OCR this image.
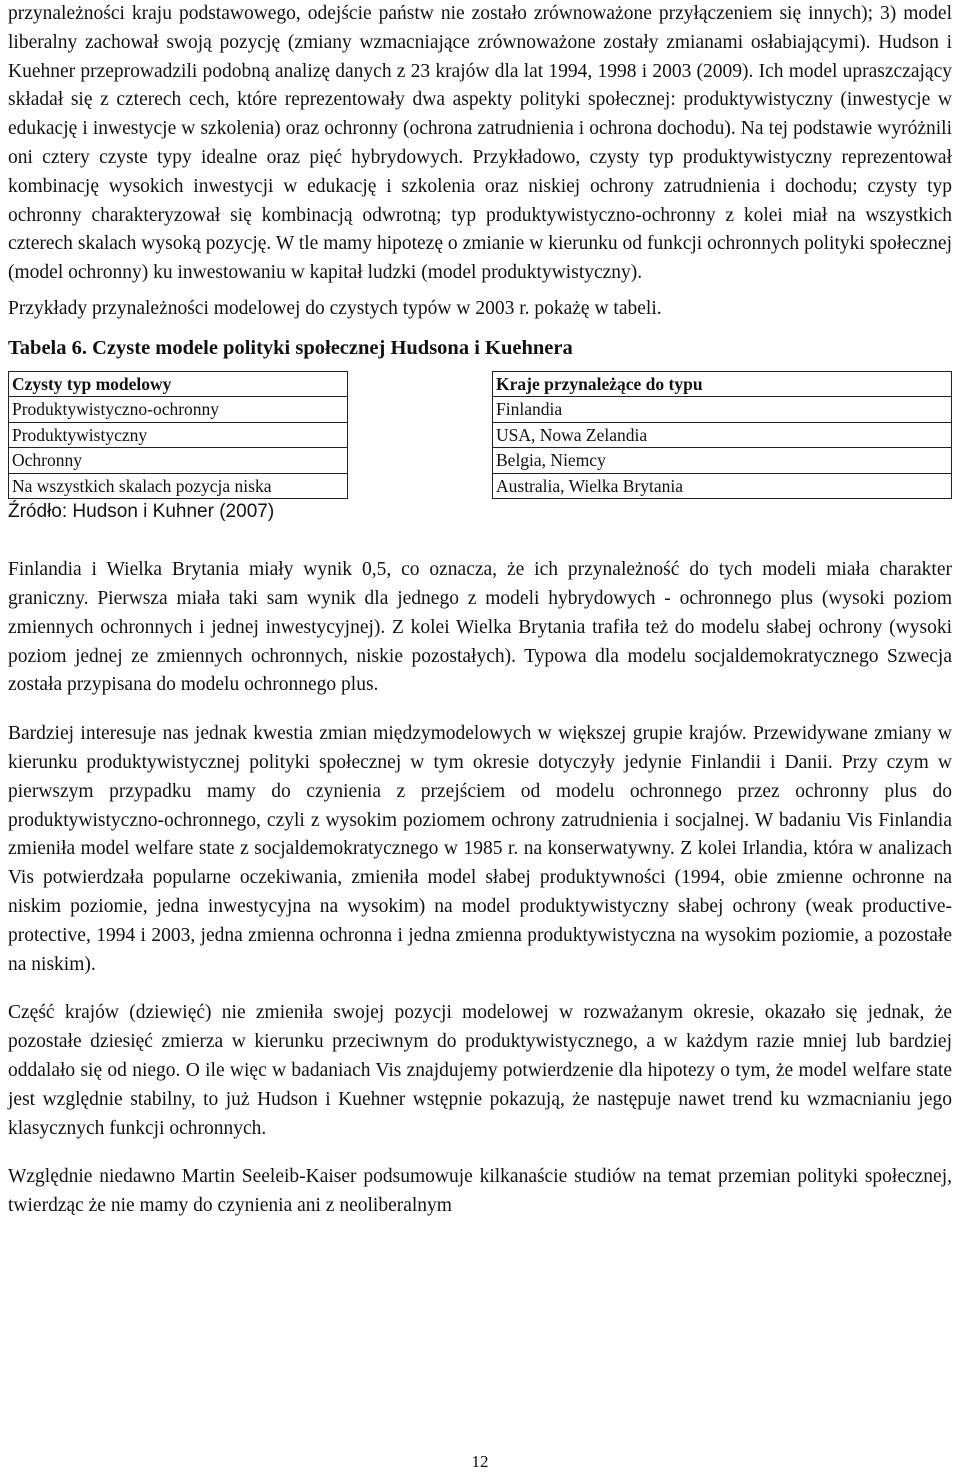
przynależności kraju podstawowego, odejście państw nie zostało zrównoważone przyłączeniem się innych); 3) model liberalny zachował swoją pozycję (zmiany wzmacniające zrównoważone zostały zmianami osłabiającymi). Hudson i Kuehner przeprowadzili podobną analizę danych z 23 krajów dla lat 1994, 1998 i 2003 (2009). Ich model upraszczający składał się z czterech cech, które reprezentowały dwa aspekty polityki społecznej: produktywistyczny (inwestycje w edukację i inwestycje w szkolenia) oraz ochronny (ochrona zatrudnienia i ochrona dochodu). Na tej podstawie wyróżnili oni cztery czyste typy idealne oraz pięć hybrydowych. Przykładowo, czysty typ produktywistyczny reprezentował kombinację wysokich inwestycji w edukację i szkolenia oraz niskiej ochrony zatrudnienia i dochodu; czysty typ ochronny charakteryzował się kombinacją odwrotną; typ produktywistyczno-ochronny z kolei miał na wszystkich czterech skalach wysoką pozycję. W tle mamy hipotezę o zmianie w kierunku od funkcji ochronnych polityki społecznej (model ochronny) ku inwestowaniu w kapitał ludzki (model produktywistyczny).

Przykłady przynależności modelowej do czystych typów w 2003 r. pokażę w tabeli.

Tabela 6. Czyste modele polityki społecznej Hudsona i Kuehnera
Czysty typ modelowy		Kraje przynależące do typu
Produktywistyczno-ochronny		Finlandia
Produktywistyczny		USA, Nowa Zelandia
Ochronny		Belgia, Niemcy
Na wszystkich skalach pozycja niska		Australia, Wielka Brytania
Źródło: Hudson i Kuhner (2007)

Finlandia i Wielka Brytania miały wynik 0,5, co oznacza, że ich przynależność do tych modeli miała charakter graniczny. Pierwsza miała taki sam wynik dla jednego z modeli hybrydowych - ochronnego plus (wysoki poziom zmiennych ochronnych i jednej inwestycyjnej). Z kolei Wielka Brytania trafiła też do modelu słabej ochrony (wysoki poziom jednej ze zmiennych ochronnych, niskie pozostałych). Typowa dla modelu socjaldemokratycznego Szwecja została przypisana do modelu ochronnego plus.

Bardziej interesuje nas jednak kwestia zmian międzymodelowych w większej grupie krajów. Przewidywane zmiany w kierunku produktywistycznej polityki społecznej w tym okresie dotyczyły jedynie Finlandii i Danii. Przy czym w pierwszym przypadku mamy do czynienia z przejściem od modelu ochronnego przez ochronny plus do produktywistyczno-ochronnego, czyli z wysokim poziomem ochrony zatrudnienia i socjalnej. W badaniu Vis Finlandia zmieniła model welfare state z socjaldemokratycznego w 1985 r. na konserwatywny. Z kolei Irlandia, która w analizach Vis potwierdzała popularne oczekiwania, zmieniła model słabej produktywności (1994, obie zmienne ochronne na niskim poziomie, jedna inwestycyjna na wysokim) na model produktywistyczny słabej ochrony (weak productive-protective, 1994 i 2003, jedna zmienna ochronna i jedna zmienna produktywistyczna na wysokim poziomie, a pozostałe na niskim).

Część krajów (dziewięć) nie zmieniła swojej pozycji modelowej w rozważanym okresie, okazało się jednak, że pozostałe dziesięć zmierza w kierunku przeciwnym do produktywistycznego, a w każdym razie mniej lub bardziej oddalało się od niego. O ile więc w badaniach Vis znajdujemy potwierdzenie dla hipotezy o tym, że model welfare state jest względnie stabilny, to już Hudson i Kuehner wstępnie pokazują, że następuje nawet trend ku wzmacnianiu jego klasycznych funkcji ochronnych.

Względnie niedawno Martin Seeleib-Kaiser podsumowuje kilkanaście studiów na temat przemian polityki społecznej, twierdząc że nie mamy do czynienia ani z neoliberalnym

12
